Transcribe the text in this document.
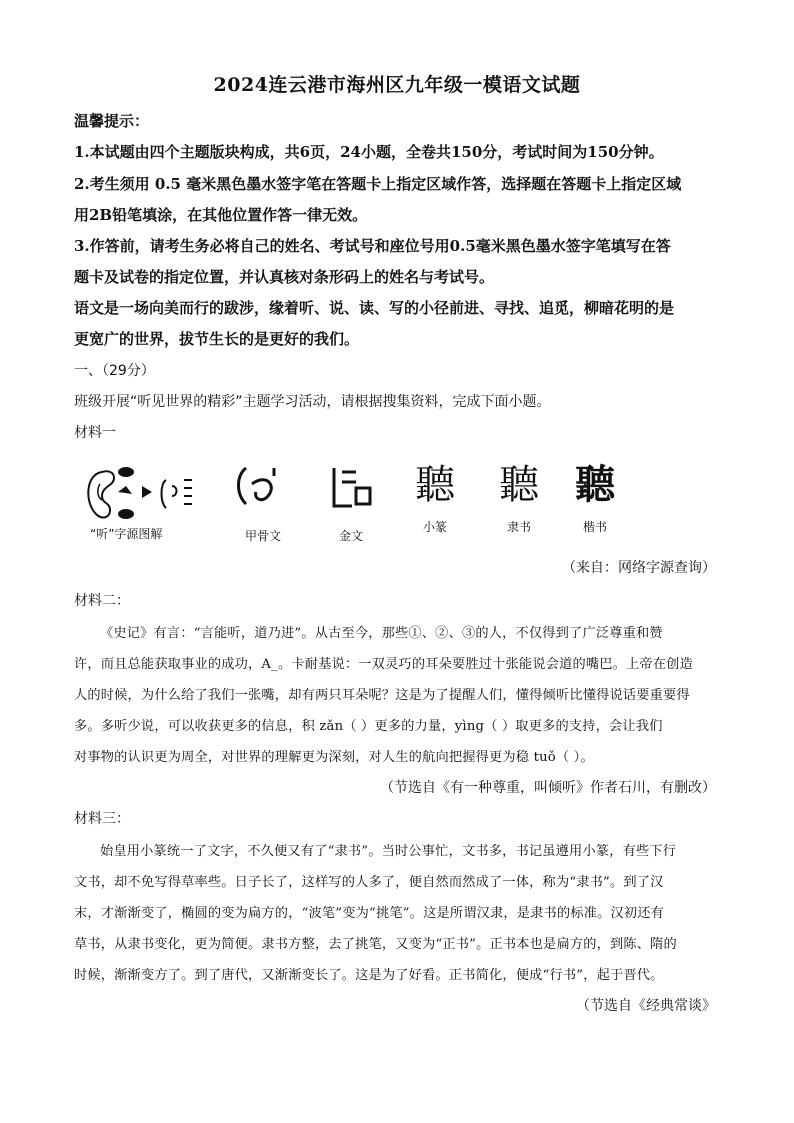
2024连云港市海州区九年级一模语文试题
温馨提示：
1.本试题由四个主题版块构成，共6页，24小题，全卷共150分，考试时间为150分钟。
2.考生须用 0.5 毫米黑色墨水签字笔在答题卡上指定区域作答，选择题在答题卡上指定区域
用2B铅笔填涂，在其他位置作答一律无效。
3.作答前，请考生务必将自己的姓名、考试号和座位号用0.5毫米黑色墨水签字笔填写在答
题卡及试卷的指定位置，并认真核对条形码上的姓名与考试号。
语文是一场向美而行的跋涉，缘着听、说、读、写的小径前进、寻找、追觅，柳暗花明的是
更宽广的世界，拔节生长的是更好的我们。
一、（29分）
班级开展“听见世界的精彩”主题学习活动，请根据搜集资料，完成下面小题。
材料一
“听”字源图解	甲骨文	金文
聽
小篆
聽
隶书
聽
楷书
（来自：网络字源查询）
材料二：
《史记》有言：“言能听，道乃进”。从古至今，那些①、②、③的人，不仅得到了广泛尊重和赞
许，而且总能获取事业的成功，A_。卡耐基说：一双灵巧的耳朵要胜过十张能说会道的嘴巴。上帝在创造
人的时候，为什么给了我们一张嘴，却有两只耳朵呢？这是为了提醒人们，懂得倾听比懂得说话要重要得
多。多听少说，可以收获更多的信息，积 zǎn（ ）更多的力量，yìng（ ）取更多的支持，会让我们
对事物的认识更为周全，对世界的理解更为深刻，对人生的航向把握得更为稳 tuǒ（ ）。
（节选自《有一种尊重，叫倾听》作者石川，有删改）
材料三：
始皇用小篆统一了文字，不久便又有了“隶书”。当时公事忙，文书多，书记虽遵用小篆，有些下行
文书，却不免写得草率些。日子长了，这样写的人多了，便自然而然成了一体，称为“隶书”。到了汉
末，才渐渐变了，椭圆的变为扁方的，“波笔”变为“挑笔”。这是所谓汉隶，是隶书的标准。汉初还有
草书，从隶书变化，更为简便。隶书方整，去了挑笔，又变为“正书”。正书本也是扁方的，到陈、隋的
时候，渐渐变方了。到了唐代，又渐渐变长了。这是为了好看。正书简化，便成“行书”，起于晋代。
（节选自《经典常谈》
